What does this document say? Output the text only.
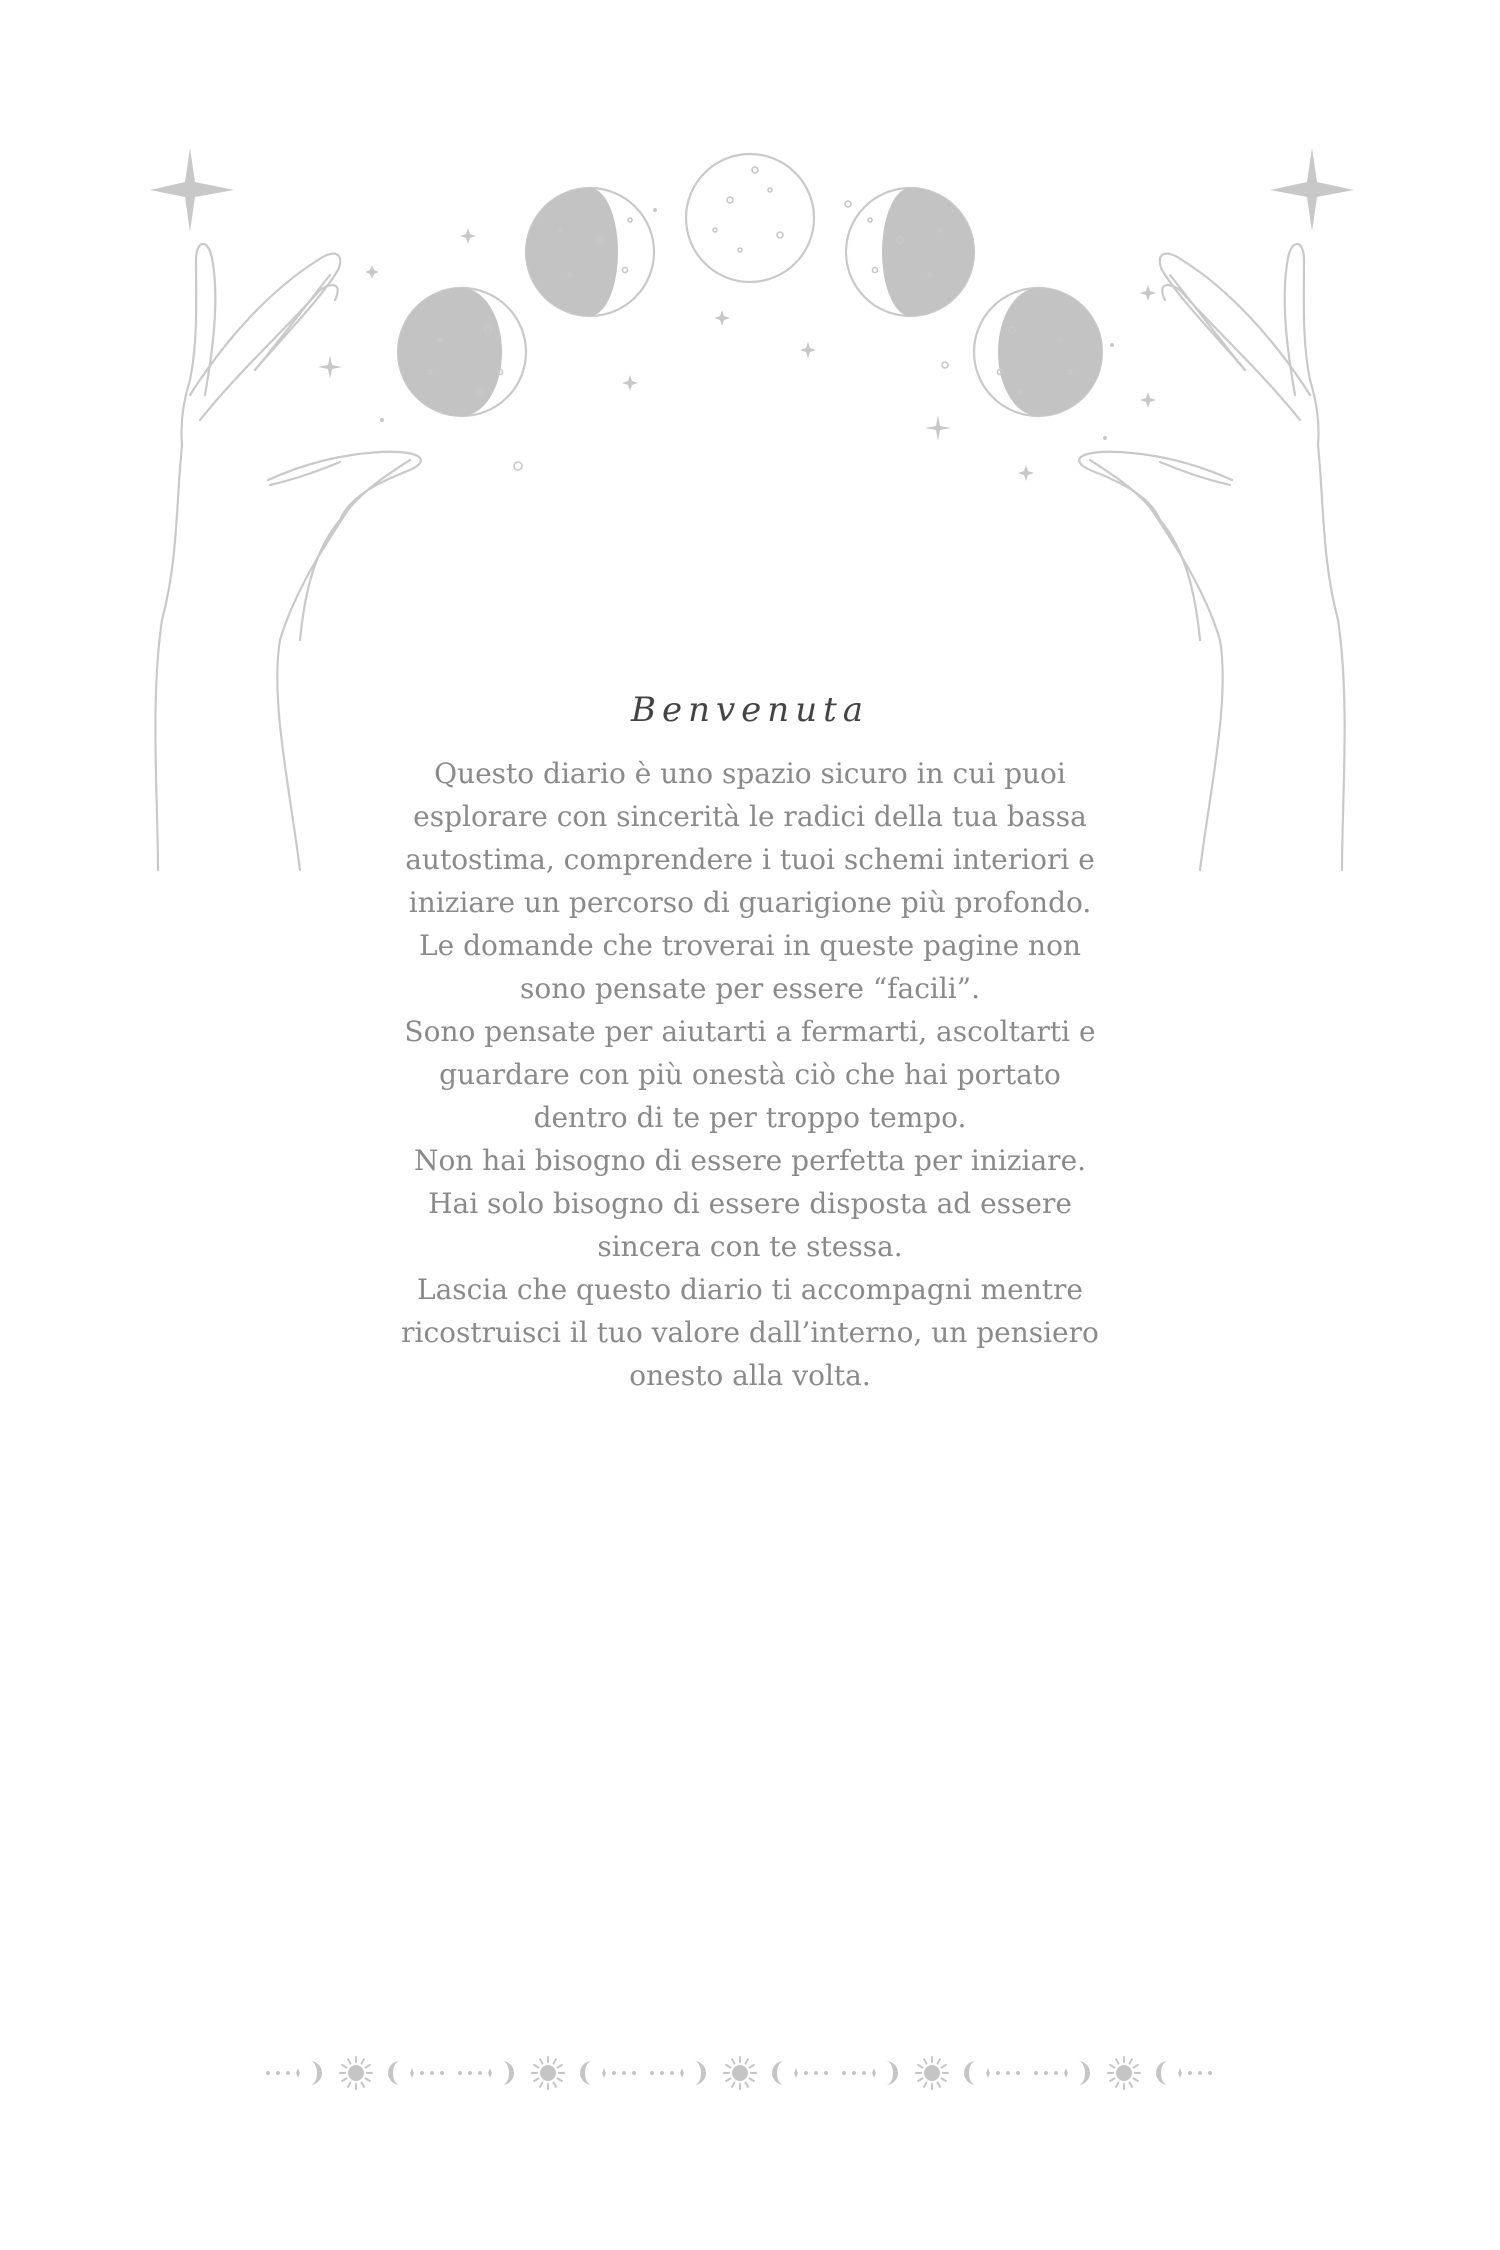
Benvenuta

Questo diario è uno spazio sicuro in cui puoi esplorare con sincerità le radici della tua bassa autostima, comprendere i tuoi schemi interiori e iniziare un percorso di guarigione più profondo.

Le domande che troverai in queste pagine non sono pensate per essere “facili”.

Sono pensate per aiutarti a fermarti, ascoltarti e guardare con più onestà ciò che hai portato dentro di te per troppo tempo.

Non hai bisogno di essere perfetta per iniziare.

Hai solo bisogno di essere disposta ad essere sincera con te stessa.

Lascia che questo diario ti accompagni mentre ricostruisci il tuo valore dall’interno, un pensiero onesto alla volta.
